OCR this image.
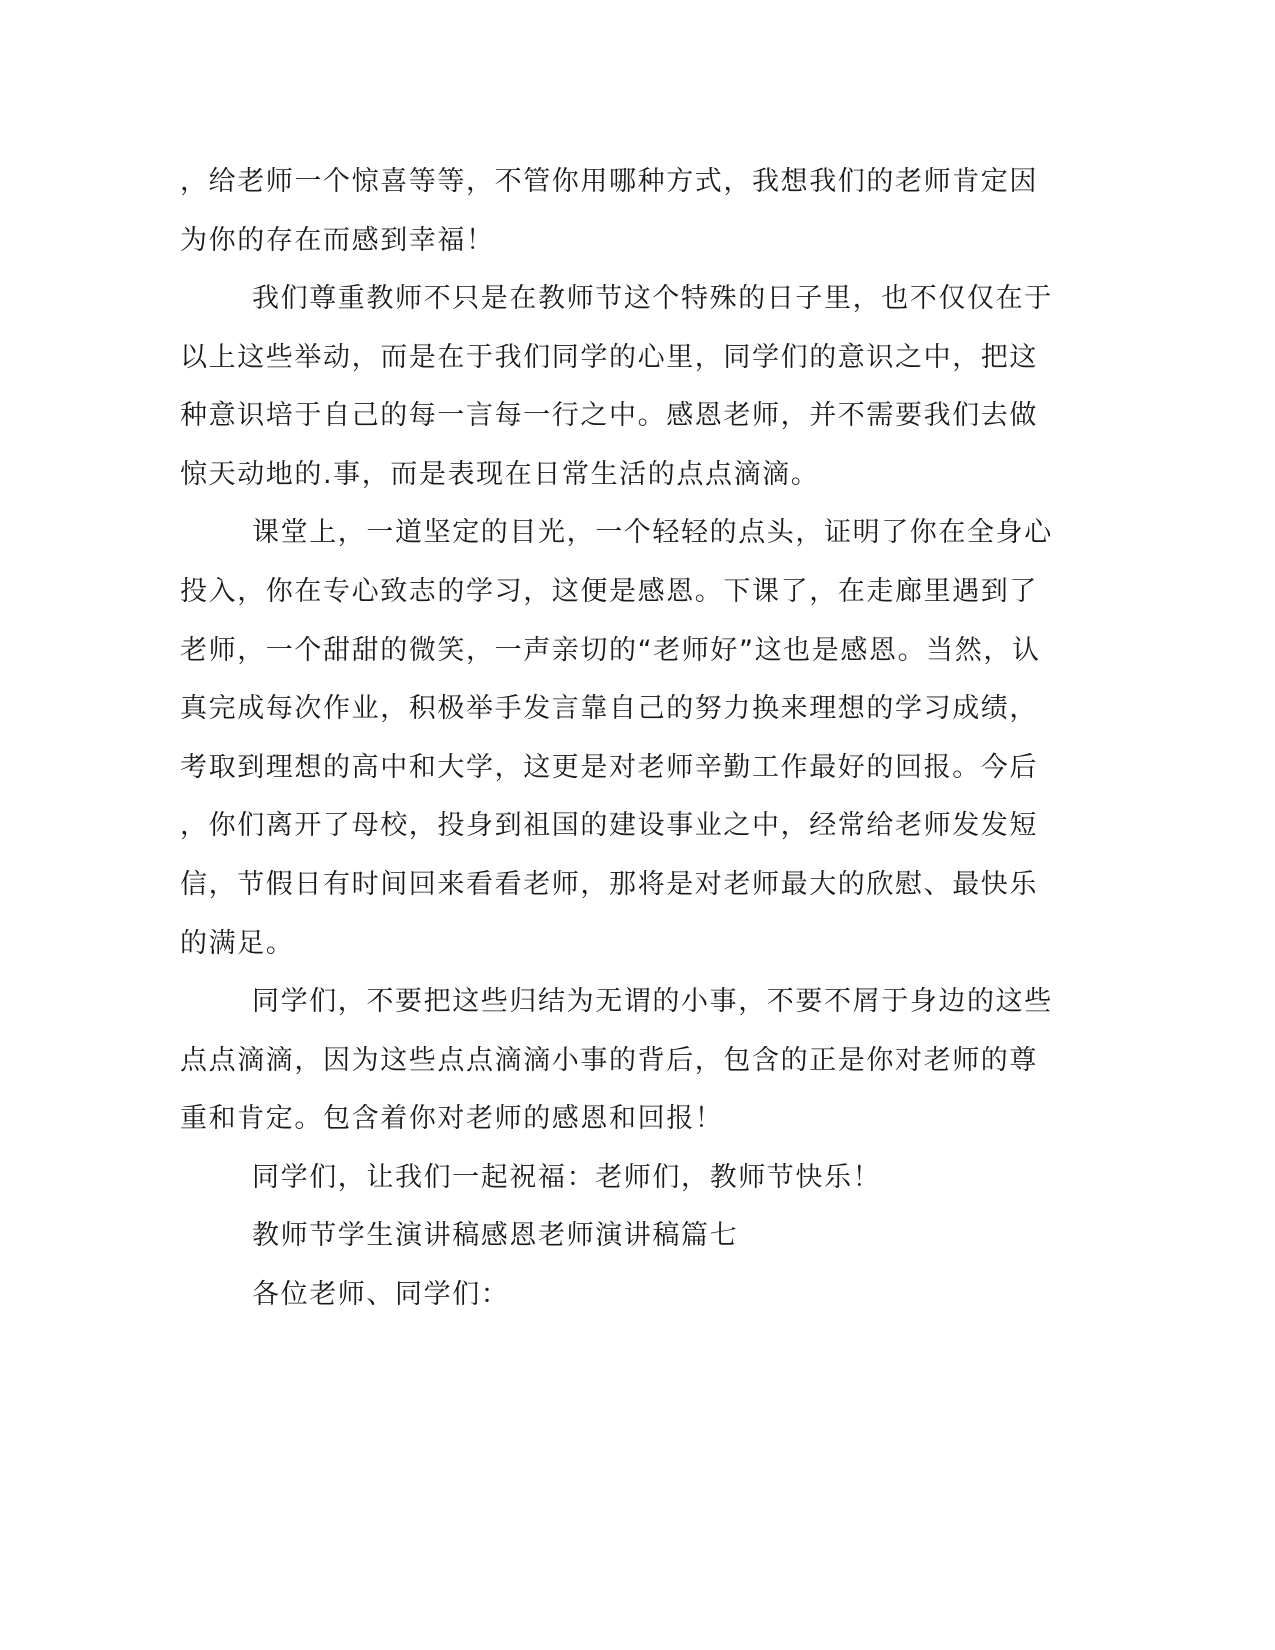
，给老师一个惊喜等等，不管你用哪种方式，我想我们的老师肯定因

为你的存在而感到幸福！

我们尊重教师不只是在教师节这个特殊的日子里，也不仅仅在于

以上这些举动，而是在于我们同学的心里，同学们的意识之中，把这

种意识培于自己的每一言每一行之中。感恩老师，并不需要我们去做

惊天动地的.事，而是表现在日常生活的点点滴滴。

课堂上，一道坚定的目光，一个轻轻的点头，证明了你在全身心

投入，你在专心致志的学习，这便是感恩。下课了，在走廊里遇到了

老师，一个甜甜的微笑，一声亲切的“老师好”这也是感恩。当然，认

真完成每次作业，积极举手发言靠自己的努力换来理想的学习成绩，

考取到理想的高中和大学，这更是对老师辛勤工作最好的回报。今后

，你们离开了母校，投身到祖国的建设事业之中，经常给老师发发短

信，节假日有时间回来看看老师，那将是对老师最大的欣慰、最快乐

的满足。

同学们，不要把这些归结为无谓的小事，不要不屑于身边的这些

点点滴滴，因为这些点点滴滴小事的背后，包含的正是你对老师的尊

重和肯定。包含着你对老师的感恩和回报！

同学们，让我们一起祝福：老师们，教师节快乐！

教师节学生演讲稿感恩老师演讲稿篇七

各位老师、同学们：
